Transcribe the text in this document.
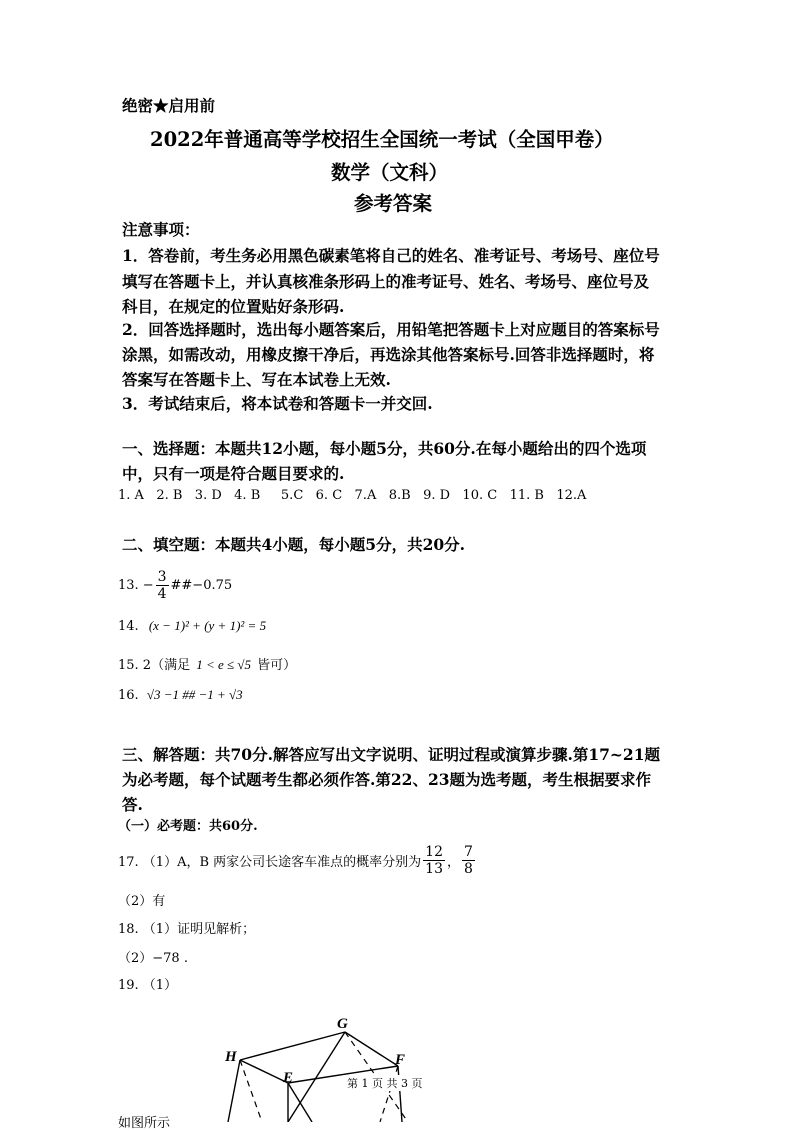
绝密★启用前
2022年普通高等学校招生全国统一考试（全国甲卷）
数学（文科）
参考答案
注意事项：
1．答卷前，考生务必用黑色碳素笔将自己的姓名、准考证号、考场号、座位号
填写在答题卡上，并认真核准条形码上的准考证号、姓名、考场号、座位号及
科目，在规定的位置贴好条形码.
2．回答选择题时，选出每小题答案后，用铅笔把答题卡上对应题目的答案标号
涂黑，如需改动，用橡皮擦干净后，再选涂其他答案标号.回答非选择题时，将
答案写在答题卡上、写在本试卷上无效.
3．考试结束后，将本试卷和答题卡一并交回.
一、选择题：本题共12小题，每小题5分，共60分.在每小题给出的四个选项
中，只有一项是符合题目要求的.
1. A   2. B   3. D   4. B     5.C   6. C   7.A   8.B   9. D   10. C   11. B   12.A
二、填空题：本题共4小题，每小题5分，共20分.
13. − $\frac{3}{4}$ ##−0.75
14. (x − 1)² + (y + 1)² = 5
15. 2（满足 1 < e ≤ √5 皆可）
16. √3 −1 ## −1 + √3
三、解答题：共70分.解答应写出文字说明、证明过程或演算步骤.第17~21题
为必考题，每个试题考生都必须作答.第22、23题为选考题，考生根据要求作
答.
（一）必考题：共60分.
17. （1）A，B 两家公司长途客车准点的概率分别为 $\frac{12}{13}$ ， $\frac{7}{8}$
（2）有
18. （1）证明见解析；
（2）−78 .
19. （1）
G
H	F
E	第 1 页 共 3 页
如图所示
